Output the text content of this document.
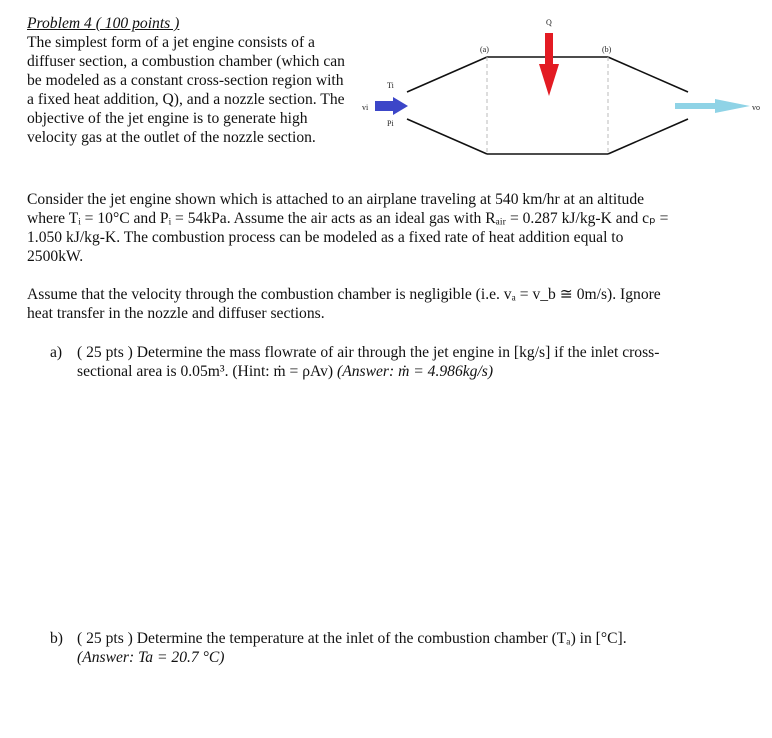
Problem 4 ( 100 points )
The simplest form of a jet engine consists of a diffuser section, a combustion chamber (which can be modeled as a constant cross-section region with a fixed heat addition, Q), and a nozzle section. The objective of the jet engine is to generate high velocity gas at the outlet of the nozzle section.
Q
(a)	(b)
Ti
Pi
vi	vo
Consider the jet engine shown which is attached to an airplane traveling at 540 km/hr at an altitude where Tᵢ = 10°C and Pᵢ = 54kPa. Assume the air acts as an ideal gas with Rₐᵢᵣ = 0.287 kJ/kg-K and cₚ = 1.050 kJ/kg-K. The combustion process can be modeled as a fixed rate of heat addition equal to 2500kW.
Assume that the velocity through the combustion chamber is negligible (i.e. vₐ = v_b ≅ 0m/s). Ignore heat transfer in the nozzle and diffuser sections.
a) ( 25 pts ) Determine the mass flowrate of air through the jet engine in [kg/s] if the inlet cross-sectional area is 0.05m³. (Hint: ṁ = ρAv) (Answer: ṁ = 4.986kg/s)
b) ( 25 pts ) Determine the temperature at the inlet of the combustion chamber (Tₐ) in [°C].
(Answer: Ta = 20.7 °C)
